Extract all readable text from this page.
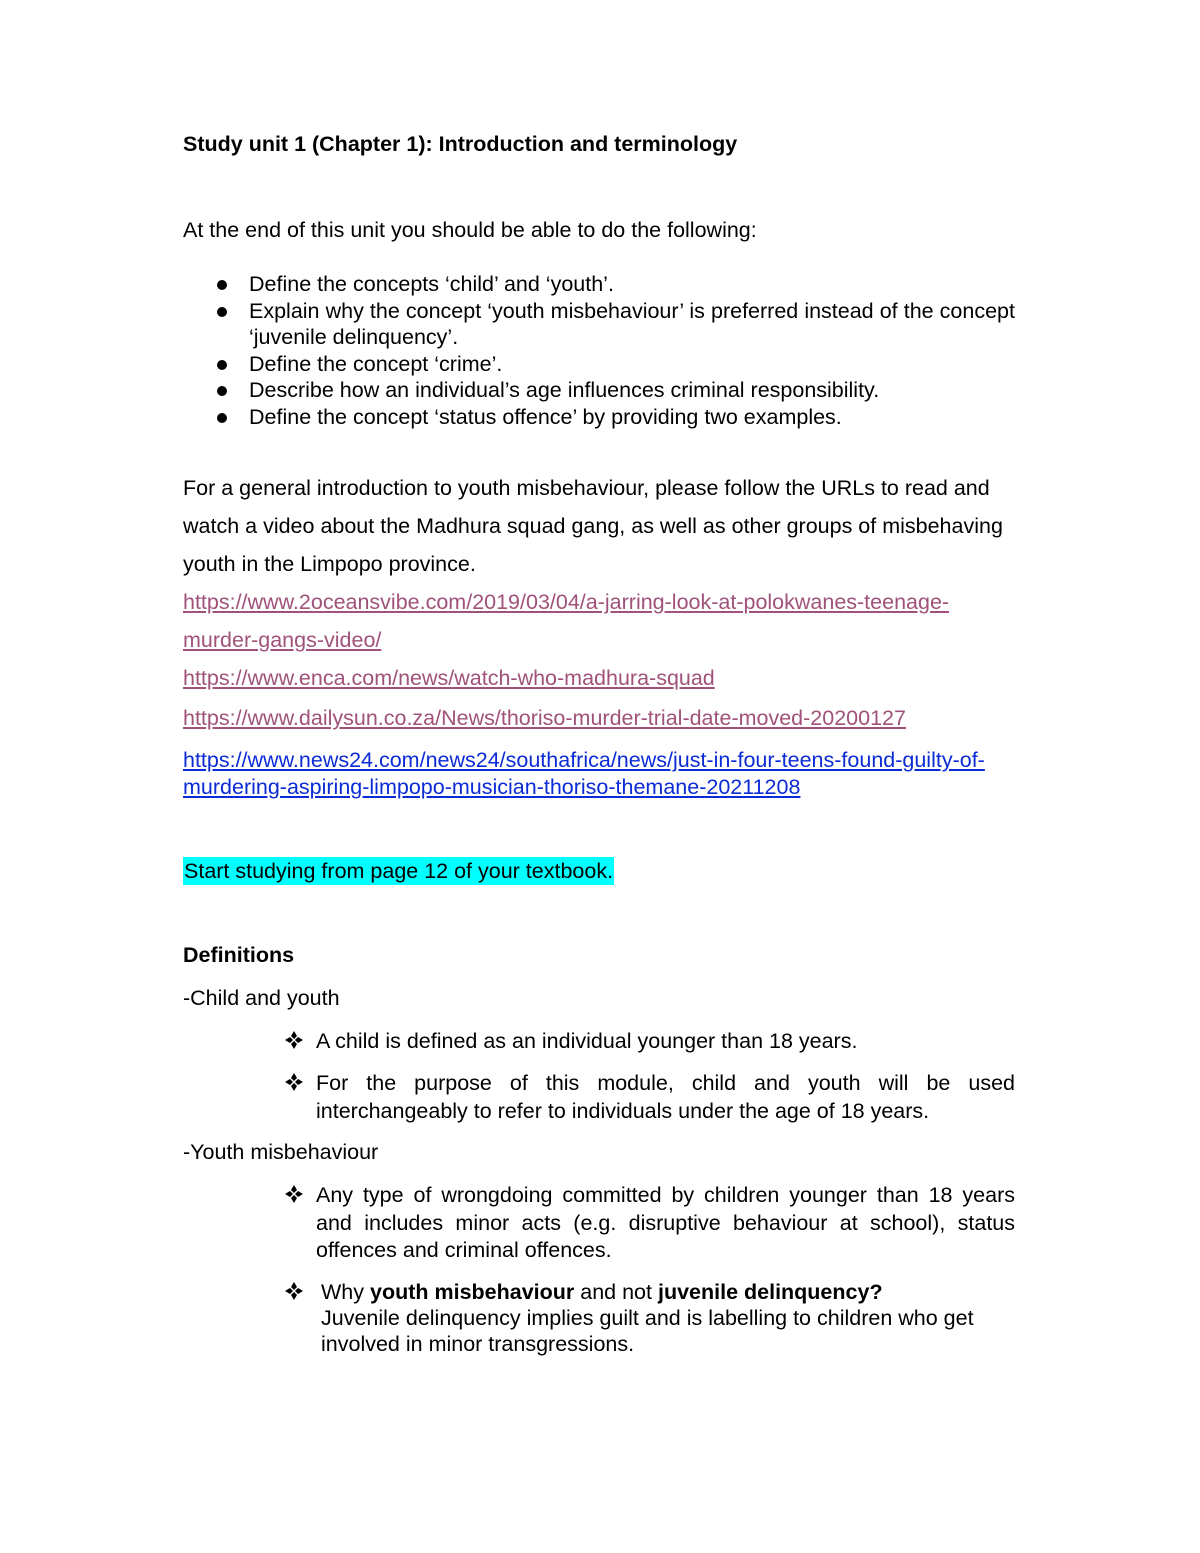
Study unit 1 (Chapter 1): Introduction and terminology
At the end of this unit you should be able to do the following:
Define the concepts ‘child’ and ‘youth’.
Explain why the concept ‘youth misbehaviour’ is preferred instead of the concept ‘juvenile delinquency’.
Define the concept ‘crime’.
Describe how an individual’s age influences criminal responsibility.
Define the concept ‘status offence’ by providing two examples.
For a general introduction to youth misbehaviour, please follow the URLs to read and
watch a video about the Madhura squad gang, as well as other groups of misbehaving
youth in the Limpopo province.
https://www.2oceansvibe.com/2019/03/04/a-jarring-look-at-polokwanes-teenage-
murder-gangs-video/
https://www.enca.com/news/watch-who-madhura-squad
https://www.dailysun.co.za/News/thoriso-murder-trial-date-moved-20200127
https://www.news24.com/news24/southafrica/news/just-in-four-teens-found-guilty-of-
murdering-aspiring-limpopo-musician-thoriso-themane-20211208
Start studying from page 12 of your textbook.
Definitions
-Child and youth
A child is defined as an individual younger than 18 years.
For the purpose of this module, child and youth will be used interchangeably to refer to individuals under the age of 18 years.
-Youth misbehaviour
Any type of wrongdoing committed by children younger than 18 years and includes minor acts (e.g. disruptive behaviour at school), status offences and criminal offences.
Why youth misbehaviour and not juvenile delinquency?
Juvenile delinquency implies guilt and is labelling to children who get involved in minor transgressions.
